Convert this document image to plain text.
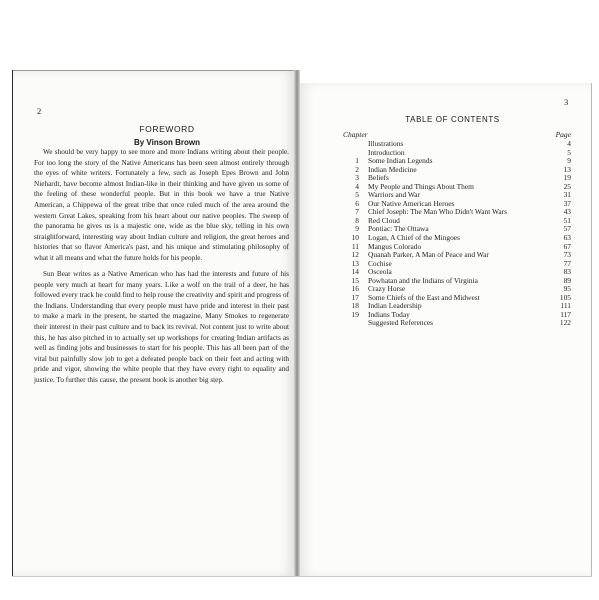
2
FOREWORD
By Vinson Brown

We should be very happy to see more and more Indians writing about their people. For too long the story of the Native Americans has been seen almost entirely through the eyes of white writers. Fortunately a few, such as Joseph Epes Brown and John Niehardt, have become almost Indian-like in their thinking and have given us some of the feeling of these wonderful people. But in this book we have a true Native American, a Chippewa of the great tribe that once ruled much of the area around the western Great Lakes, speaking from his heart about our native peoples. The sweep of the panorama he gives us is a majestic one, wide as the blue sky, telling in his own straightforward, interesting way about Indian culture and religion, the great heroes and histories that so flavor America's past, and his unique and stimulating philosophy of what it all means and what the future holds for his people.

Sun Bear writes as a Native American who has had the interests and future of his people very much at heart for many years. Like a wolf on the trail of a deer, he has followed every track he could find to help rouse the creativity and spirit and progress of the Indians. Understanding that every people must have pride and interest in their past to make a mark in the present, he started the magazine, Many Smokes to regenerate their interest in their past culture and to back its revival. Not content just to write about this, he has also pitched in to actually set up workshops for creating Indian artifacts as well as finding jobs and businesses to start for his people. This has all been part of the vital but painfully slow job to get a defeated people back on their feet and acting with pride and vigor, showing the white people that they have every right to equality and justice. To further this cause, the present book is another big step.

3
TABLE OF CONTENTS
Chapter	Page
Illustrations	4
Introduction	5
1 Some Indian Legends	9
2 Indian Medicine	13
3 Beliefs	19
4 My People and Things About Them	25
5 Warriors and War	31
6 Our Native American Heroes	37
7 Chief Joseph: The Man Who Didn't Want Wars	43
8 Red Cloud	51
9 Pontiac: The Ottawa	57
10 Logan, A Chief of the Mingoes	63
11 Mangus Colorado	67
12 Quanah Parker, A Man of Peace and War	73
13 Cochise	77
14 Osceola	83
15 Powhatan and the Indians of Virginia	89
16 Crazy Horse	95
17 Some Chiefs of the East and Midwest	105
18 Indian Leadership	111
19 Indians Today	117
Suggested References	122
